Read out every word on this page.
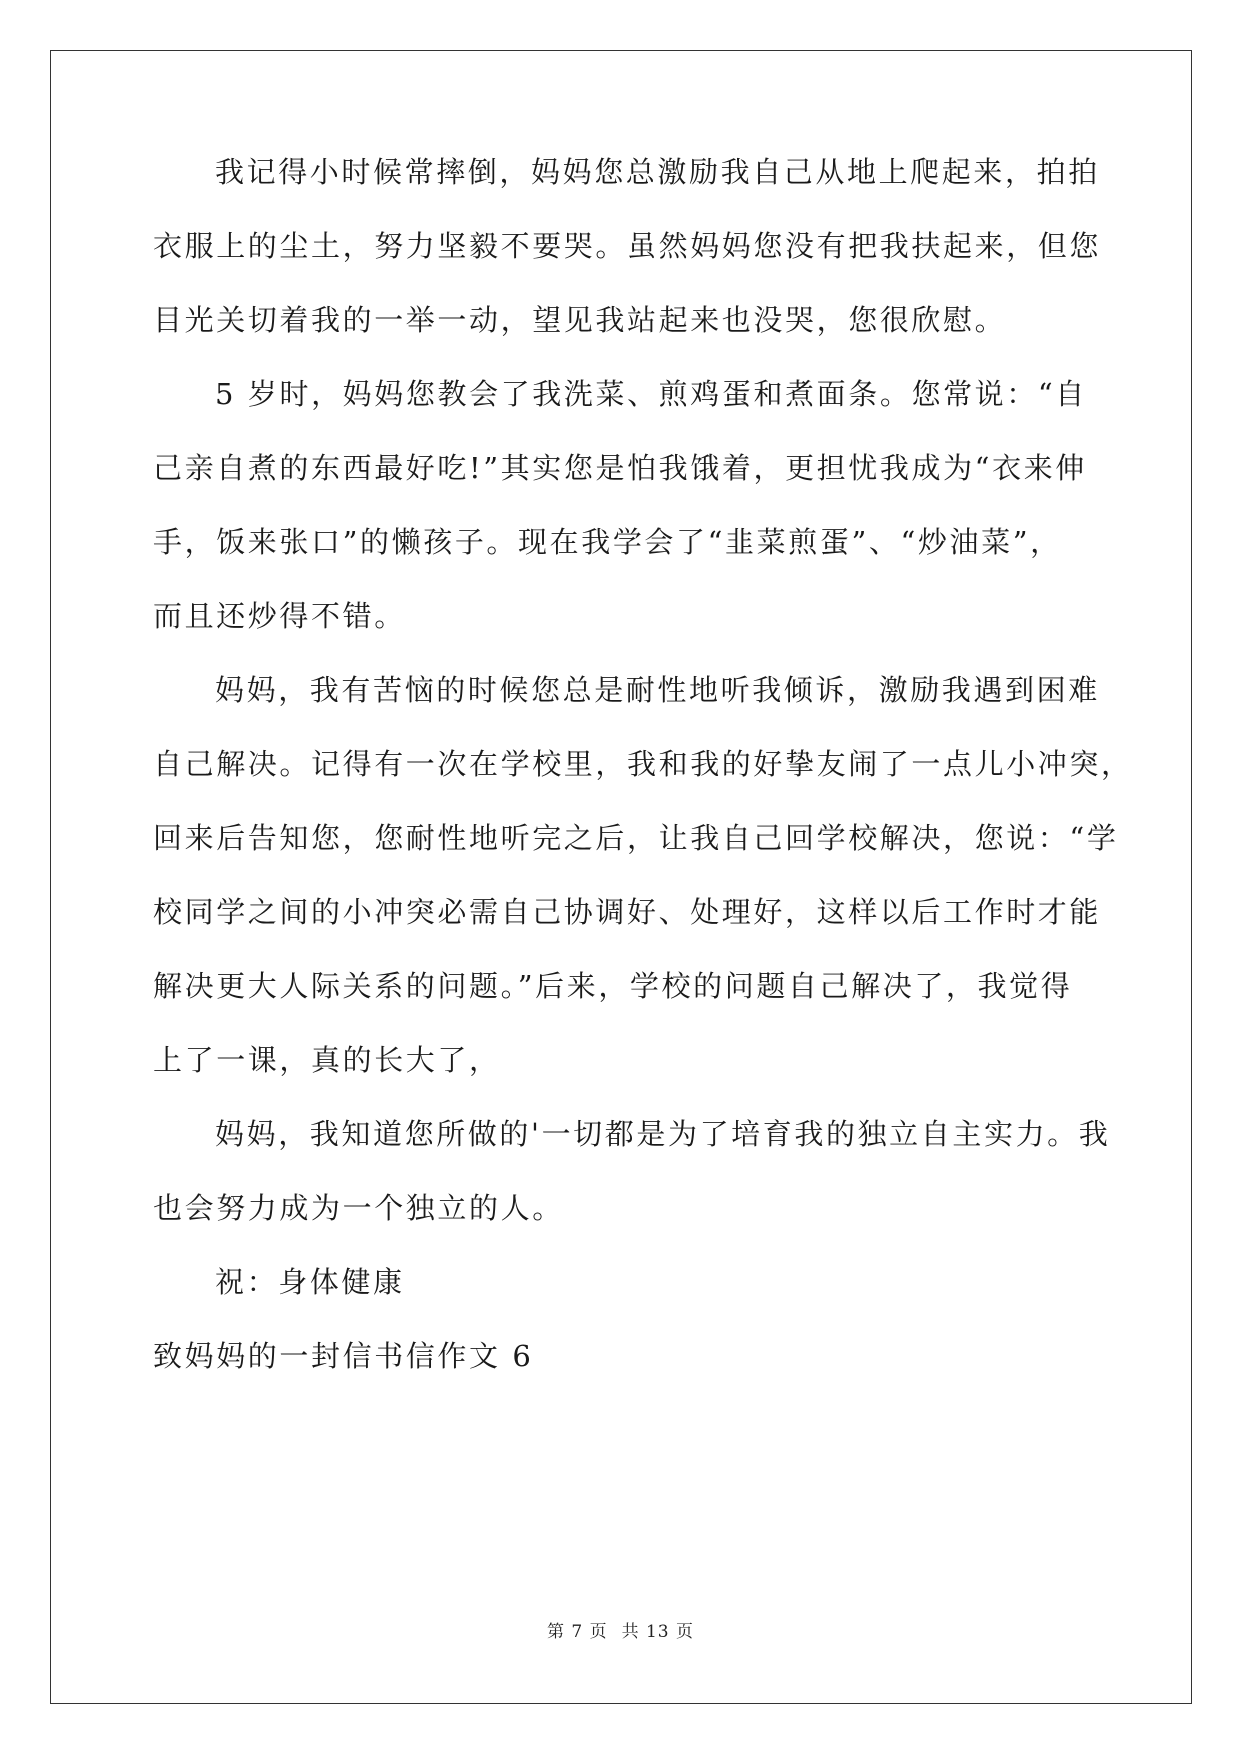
我记得小时候常摔倒，妈妈您总激励我自己从地上爬起来，拍拍
衣服上的尘土，努力坚毅不要哭。虽然妈妈您没有把我扶起来，但您
目光关切着我的一举一动，望见我站起来也没哭，您很欣慰。
5 岁时，妈妈您教会了我洗菜、煎鸡蛋和煮面条。您常说：“自
己亲自煮的东西最好吃!”其实您是怕我饿着，更担忧我成为“衣来伸
手，饭来张口”的懒孩子。现在我学会了“韭菜煎蛋”、“炒油菜”，
而且还炒得不错。
妈妈，我有苦恼的时候您总是耐性地听我倾诉，激励我遇到困难
自己解决。记得有一次在学校里，我和我的好挚友闹了一点儿小冲突，
回来后告知您，您耐性地听完之后，让我自己回学校解决，您说：“学
校同学之间的小冲突必需自己协调好、处理好，这样以后工作时才能
解决更大人际关系的问题。”后来，学校的问题自己解决了，我觉得
上了一课，真的长大了，
妈妈，我知道您所做的'一切都是为了培育我的独立自主实力。我
也会努力成为一个独立的人。
祝：身体健康
致妈妈的一封信书信作文 6
第 7 页 共 13 页
